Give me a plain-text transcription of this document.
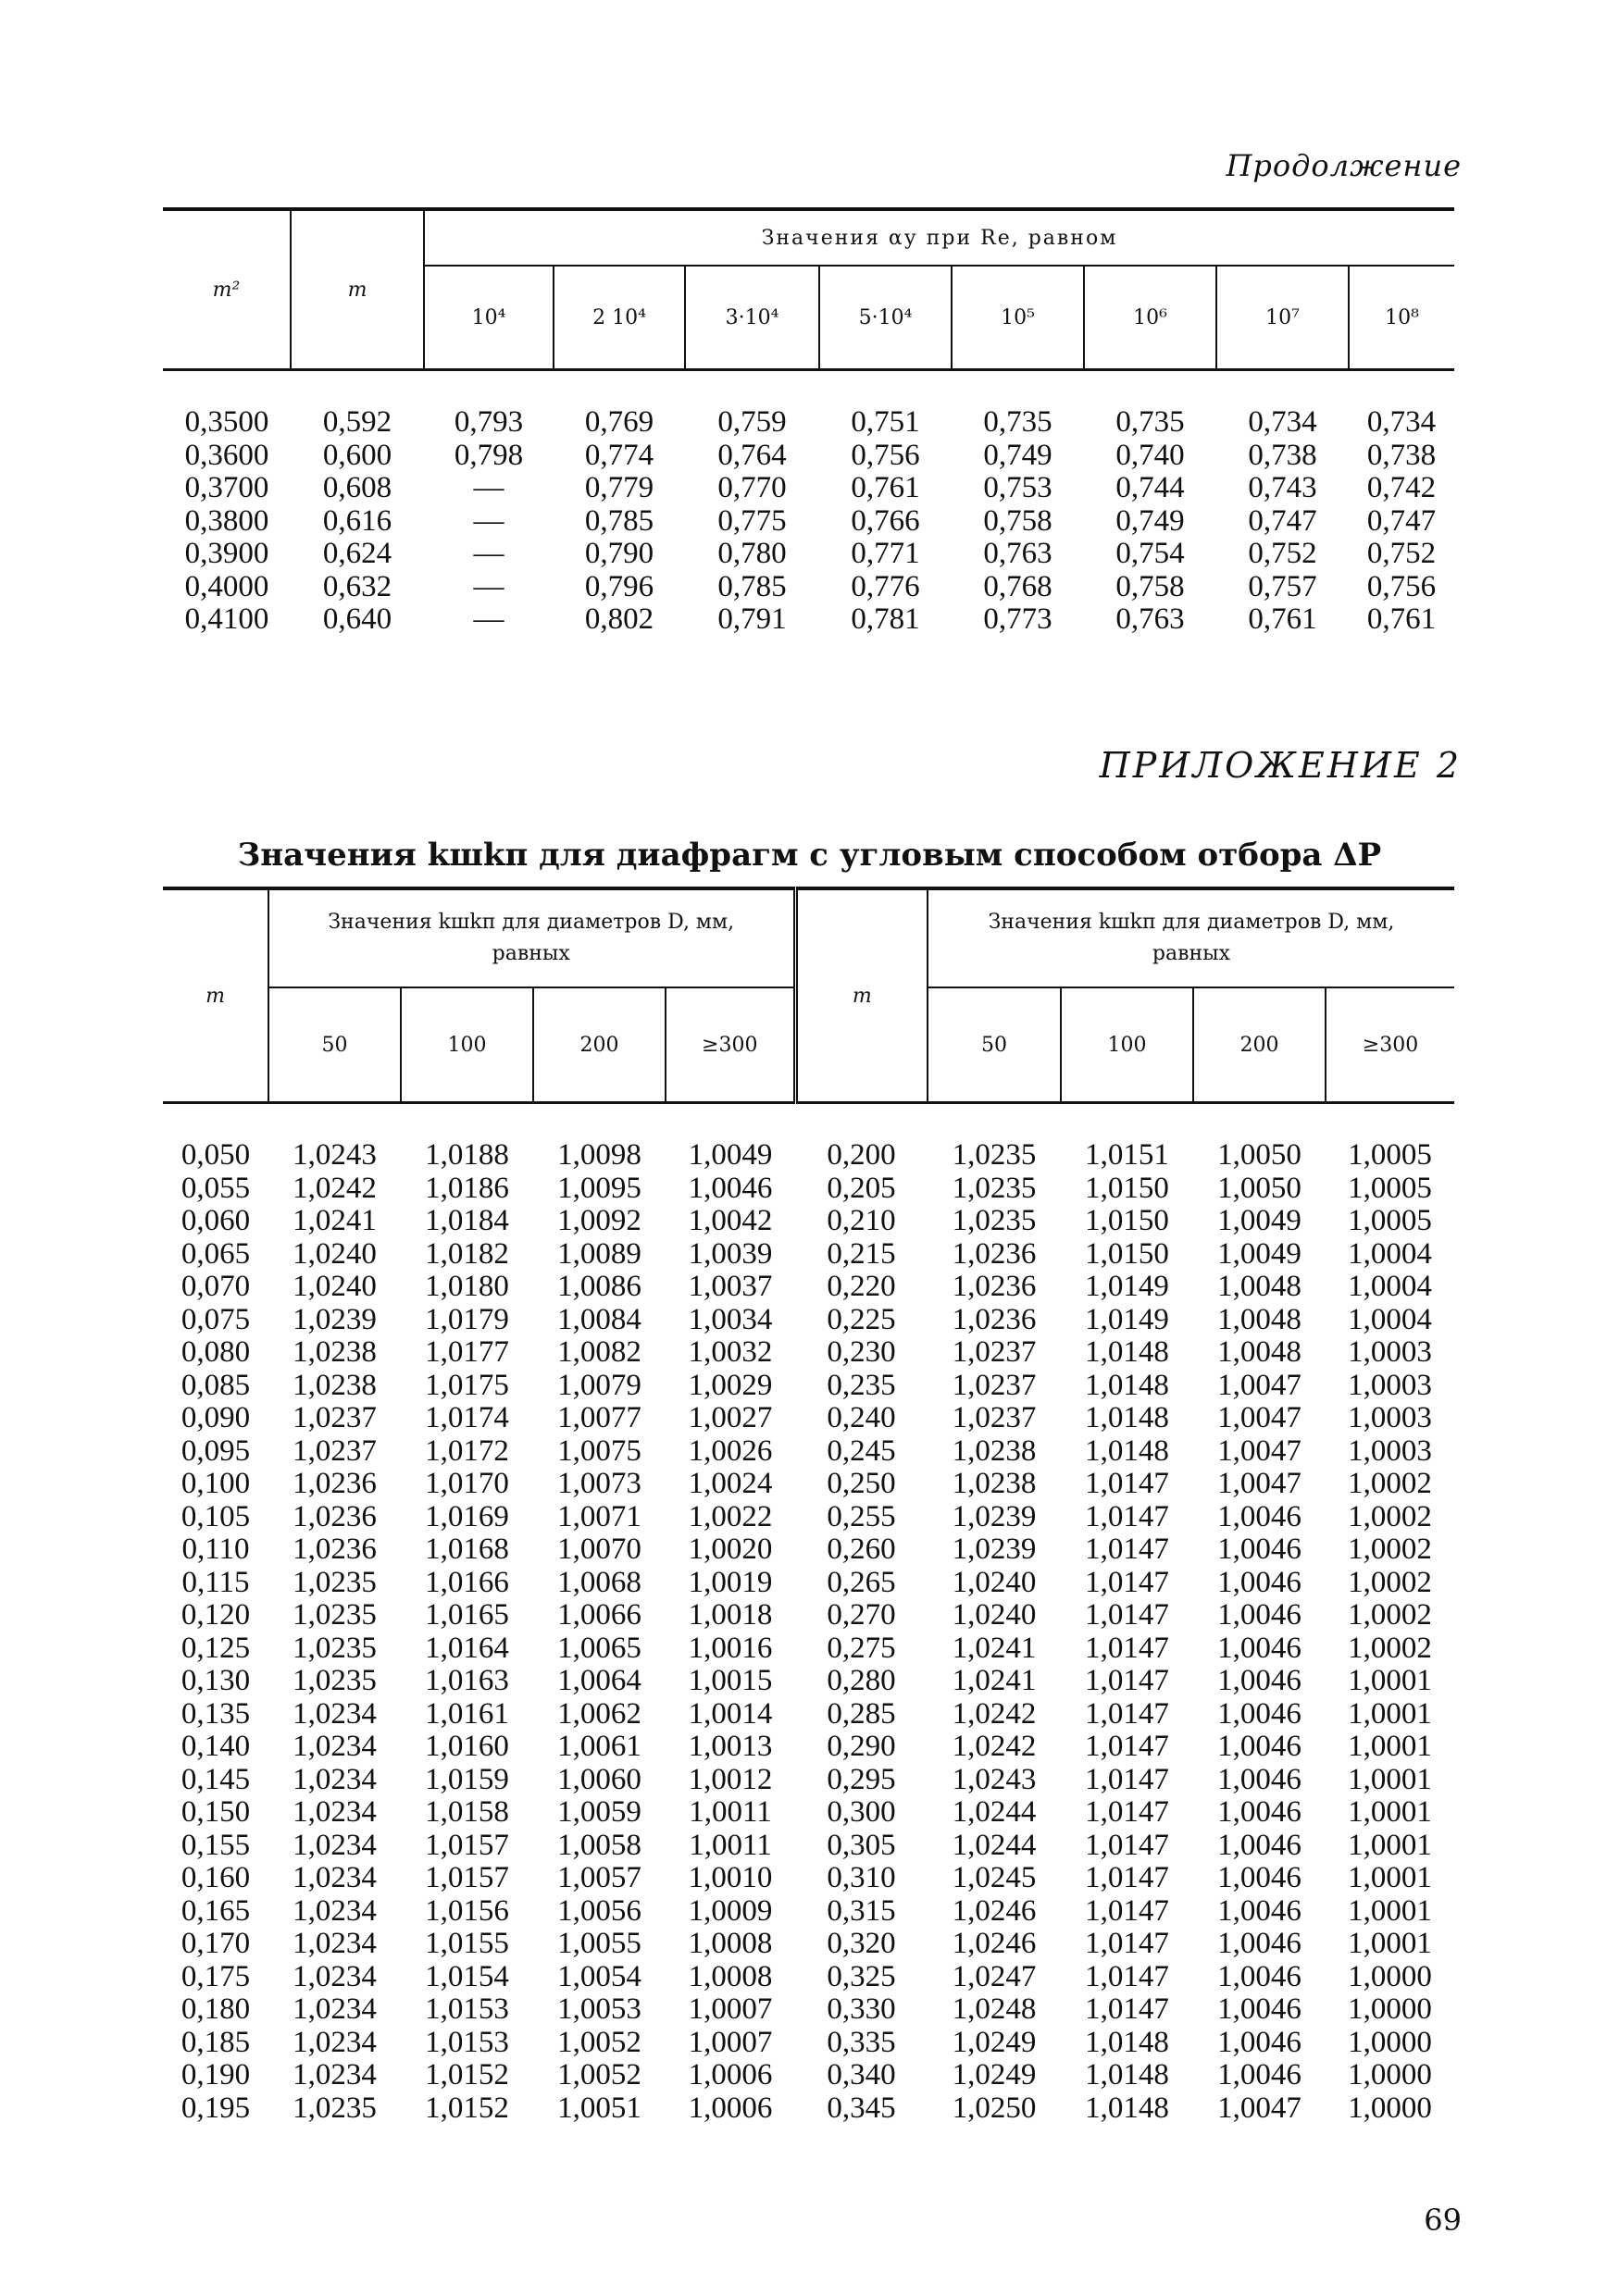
Продолжение
m²	m	Значения αу при Re, равном							
		10⁴	2 10⁴	3·10⁴	5·10⁴	10⁵	10⁶	10⁷	10⁸
0,3500	0,592	0,793	0,769	0,759	0,751	0,735	0,735	0,734	0,734
0,3600	0,600	0,798	0,774	0,764	0,756	0,749	0,740	0,738	0,738
0,3700	0,608	—	0,779	0,770	0,761	0,753	0,744	0,743	0,742
0,3800	0,616	—	0,785	0,775	0,766	0,758	0,749	0,747	0,747
0,3900	0,624	—	0,790	0,780	0,771	0,763	0,754	0,752	0,752
0,4000	0,632	—	0,796	0,785	0,776	0,768	0,758	0,757	0,756
0,4100	0,640	—	0,802	0,791	0,781	0,773	0,763	0,761	0,761
ПРИЛОЖЕНИЕ 2
Значения kшkп для диафрагм с угловым способом отбора ΔP
m	Значения kшkп для диаметров D, мм, равных				m	Значения kшkп для диаметров D, мм, равных			
	50	100	200	≥300		50	100	200	≥300
0,050	1,0243	1,0188	1,0098	1,0049	0,200	1,0235	1,0151	1,0050	1,0005
0,055	1,0242	1,0186	1,0095	1,0046	0,205	1,0235	1,0150	1,0050	1,0005
0,060	1,0241	1,0184	1,0092	1,0042	0,210	1,0235	1,0150	1,0049	1,0005
0,065	1,0240	1,0182	1,0089	1,0039	0,215	1,0236	1,0150	1,0049	1,0004
0,070	1,0240	1,0180	1,0086	1,0037	0,220	1,0236	1,0149	1,0048	1,0004
0,075	1,0239	1,0179	1,0084	1,0034	0,225	1,0236	1,0149	1,0048	1,0004
0,080	1,0238	1,0177	1,0082	1,0032	0,230	1,0237	1,0148	1,0048	1,0003
0,085	1,0238	1,0175	1,0079	1,0029	0,235	1,0237	1,0148	1,0047	1,0003
0,090	1,0237	1,0174	1,0077	1,0027	0,240	1,0237	1,0148	1,0047	1,0003
0,095	1,0237	1,0172	1,0075	1,0026	0,245	1,0238	1,0148	1,0047	1,0003
0,100	1,0236	1,0170	1,0073	1,0024	0,250	1,0238	1,0147	1,0047	1,0002
0,105	1,0236	1,0169	1,0071	1,0022	0,255	1,0239	1,0147	1,0046	1,0002
0,110	1,0236	1,0168	1,0070	1,0020	0,260	1,0239	1,0147	1,0046	1,0002
0,115	1,0235	1,0166	1,0068	1,0019	0,265	1,0240	1,0147	1,0046	1,0002
0,120	1,0235	1,0165	1,0066	1,0018	0,270	1,0240	1,0147	1,0046	1,0002
0,125	1,0235	1,0164	1,0065	1,0016	0,275	1,0241	1,0147	1,0046	1,0002
0,130	1,0235	1,0163	1,0064	1,0015	0,280	1,0241	1,0147	1,0046	1,0001
0,135	1,0234	1,0161	1,0062	1,0014	0,285	1,0242	1,0147	1,0046	1,0001
0,140	1,0234	1,0160	1,0061	1,0013	0,290	1,0242	1,0147	1,0046	1,0001
0,145	1,0234	1,0159	1,0060	1,0012	0,295	1,0243	1,0147	1,0046	1,0001
0,150	1,0234	1,0158	1,0059	1,0011	0,300	1,0244	1,0147	1,0046	1,0001
0,155	1,0234	1,0157	1,0058	1,0011	0,305	1,0244	1,0147	1,0046	1,0001
0,160	1,0234	1,0157	1,0057	1,0010	0,310	1,0245	1,0147	1,0046	1,0001
0,165	1,0234	1,0156	1,0056	1,0009	0,315	1,0246	1,0147	1,0046	1,0001
0,170	1,0234	1,0155	1,0055	1,0008	0,320	1,0246	1,0147	1,0046	1,0001
0,175	1,0234	1,0154	1,0054	1,0008	0,325	1,0247	1,0147	1,0046	1,0000
0,180	1,0234	1,0153	1,0053	1,0007	0,330	1,0248	1,0147	1,0046	1,0000
0,185	1,0234	1,0153	1,0052	1,0007	0,335	1,0249	1,0148	1,0046	1,0000
0,190	1,0234	1,0152	1,0052	1,0006	0,340	1,0249	1,0148	1,0046	1,0000
0,195	1,0235	1,0152	1,0051	1,0006	0,345	1,0250	1,0148	1,0047	1,0000
69
